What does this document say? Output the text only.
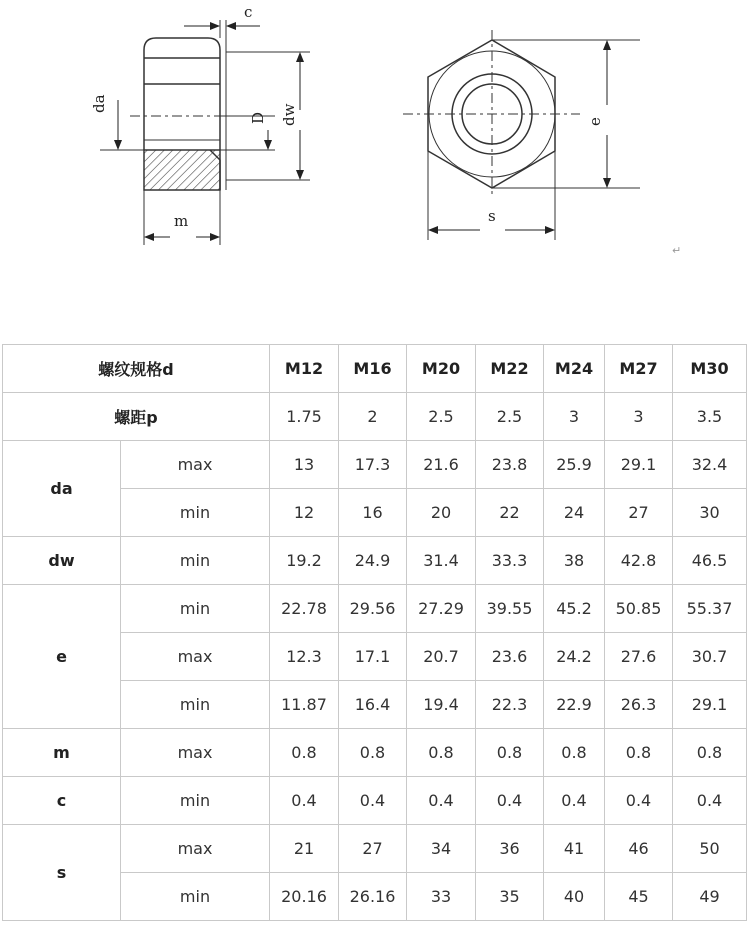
c
da
D dw
m
e
s
↵
螺纹规格d		M12	M16	M20	M22	M24	M27	M30
螺距p		1.75	2	2.5	2.5	3	3	3.5
da	max	13	17.3	21.6	23.8	25.9	29.1	32.4
	min	12	16	20	22	24	27	30
dw	min	19.2	24.9	31.4	33.3	38	42.8	46.5
e	min	22.78	29.56	27.29	39.55	45.2	50.85	55.37
	max	12.3	17.1	20.7	23.6	24.2	27.6	30.7
	min	11.87	16.4	19.4	22.3	22.9	26.3	29.1
m	max	0.8	0.8	0.8	0.8	0.8	0.8	0.8
c	min	0.4	0.4	0.4	0.4	0.4	0.4	0.4
s	max	21	27	34	36	41	46	50
	min	20.16	26.16	33	35	40	45	49
